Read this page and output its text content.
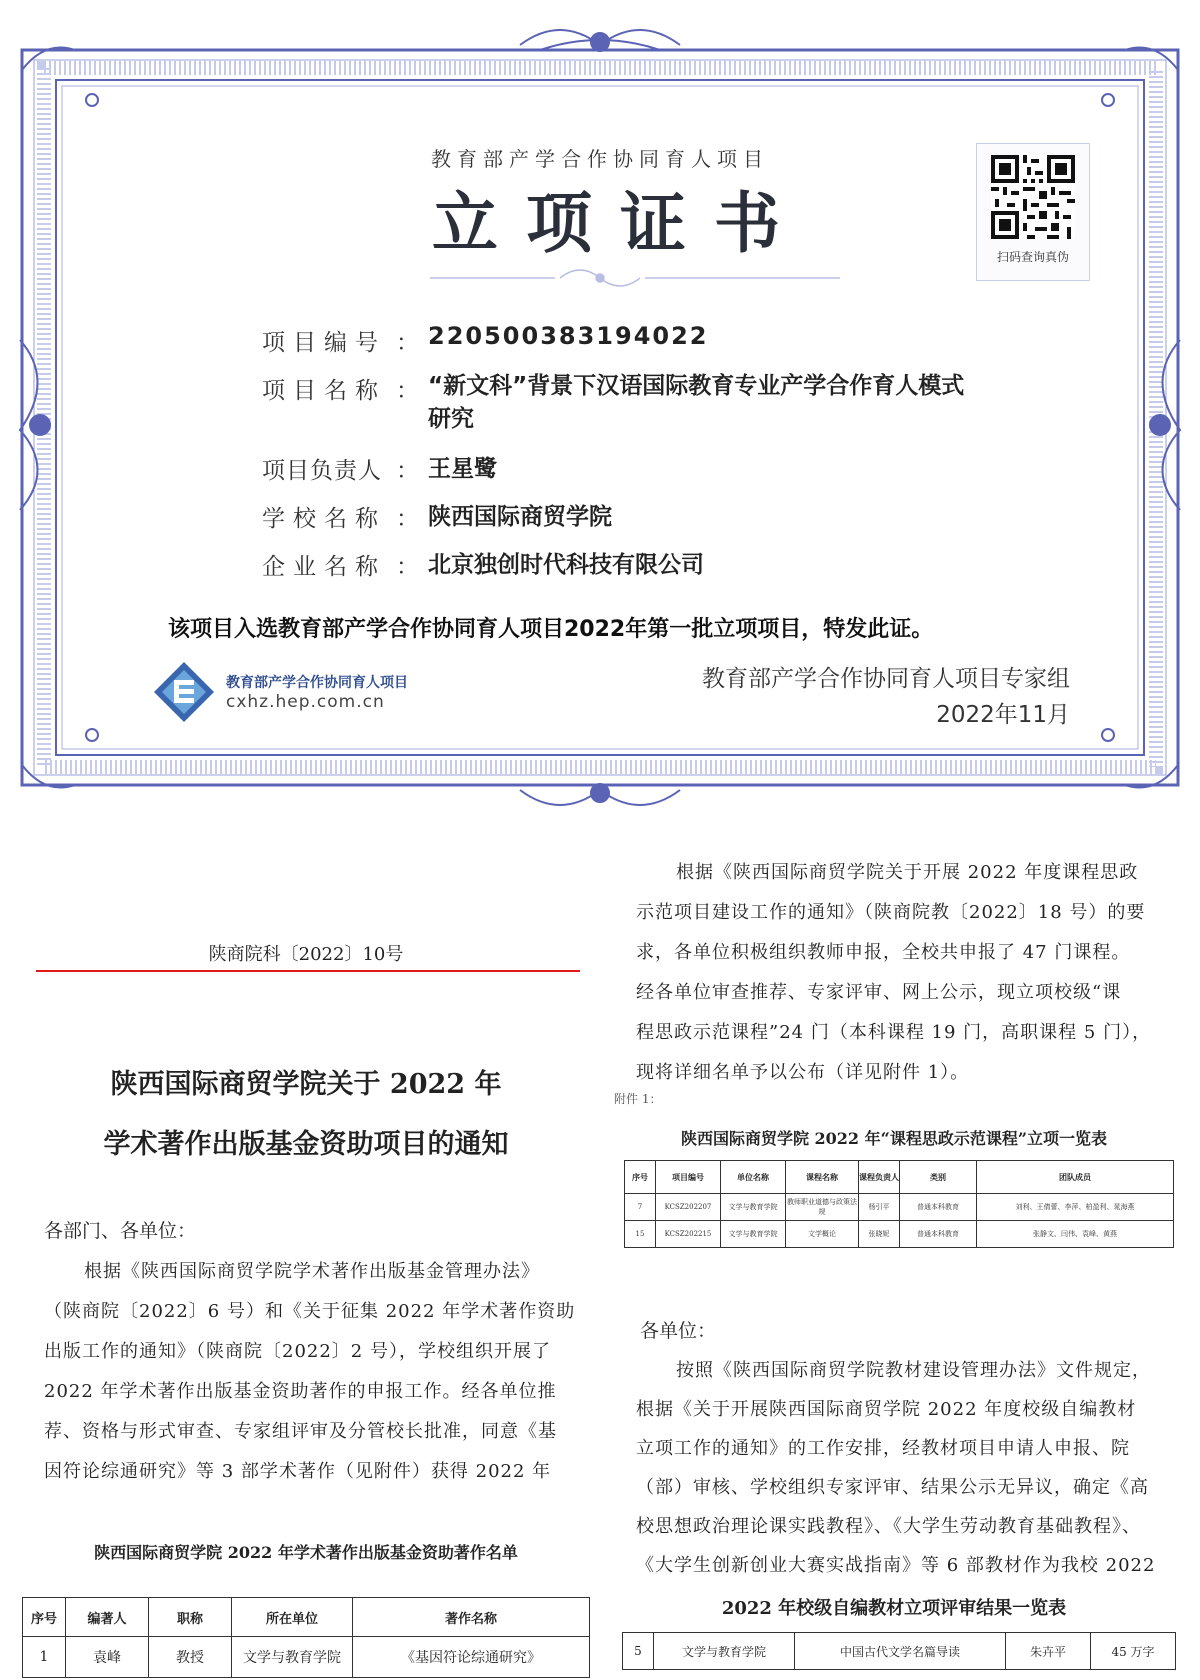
教育部产学合作协同育人项目
立项证书	扫码查询真伪
项目编号 ： 220500383194022
项目名称 ： “新文科”背景下汉语国际教育专业产学合作育人模式研究
项目负责人 ： 王星鹭
学校名称 ： 陕西国际商贸学院
企业名称 ： 北京独创时代科技有限公司
该项目入选教育部产学合作协同育人项目2022年第一批立项项目，特发此证。
教育部产学合作协同育人项目专家组
2022年11月
教育部产学合作协同育人项目
cxhz.hep.com.cn
陕商院科〔2022〕10号
陕西国际商贸学院关于 2022 年
学术著作出版基金资助项目的通知
各部门、各单位：
根据《陕西国际商贸学院学术著作出版基金管理办法》
（陕商院〔2022〕6 号）和《关于征集 2022 年学术著作资助
出版工作的通知》（陕商院〔2022〕2 号），学校组织开展了
2022 年学术著作出版基金资助著作的申报工作。经各单位推
荐、资格与形式审查、专家组评审及分管校长批准，同意《基
因符论综通研究》等 3 部学术著作（见附件）获得 2022 年
陕西国际商贸学院 2022 年学术著作出版基金资助著作名单
序号	编著人	职称	所在单位	著作名称
1	袁峰	教授	文学与教育学院	《基因符论综通研究》
根据《陕西国际商贸学院关于开展 2022 年度课程思政
示范项目建设工作的通知》（陕商院教〔2022〕18 号）的要
求，各单位积极组织教师申报，全校共申报了 47 门课程。
经各单位审查推荐、专家评审、网上公示，现立项校级“课
程思政示范课程”24 门（本科课程 19 门，高职课程 5 门），
现将详细名单予以公布（详见附件 1）。
附件 1：
陕西国际商贸学院 2022 年“课程思政示范课程”立项一览表
序号	项目编号	单位名称	课程名称	课程负责人	类别	团队成员
7	KCSZ202207	文学与教育学院	教师职业道德与政策法规	杨引平	普通本科教育	刘利、王倩蕾、李萍、柏盈利、晁海燕
15	KCSZ202215	文学与教育学院	文学概论	张晓妮	普通本科教育	张静文、闫伟、袁峰、黄燕
各单位：
按照《陕西国际商贸学院教材建设管理办法》文件规定，
根据《关于开展陕西国际商贸学院 2022 年度校级自编教材
立项工作的通知》的工作安排，经教材项目申请人申报、院
（部）审核、学校组织专家评审、结果公示无异议，确定《高
校思想政治理论课实践教程》、《大学生劳动教育基础教程》、
《大学生创新创业大赛实战指南》等 6 部教材作为我校 2022
2022 年校级自编教材立项评审结果一览表
5	文学与教育学院	中国古代文学名篇导读	朱卉平	45 万字
